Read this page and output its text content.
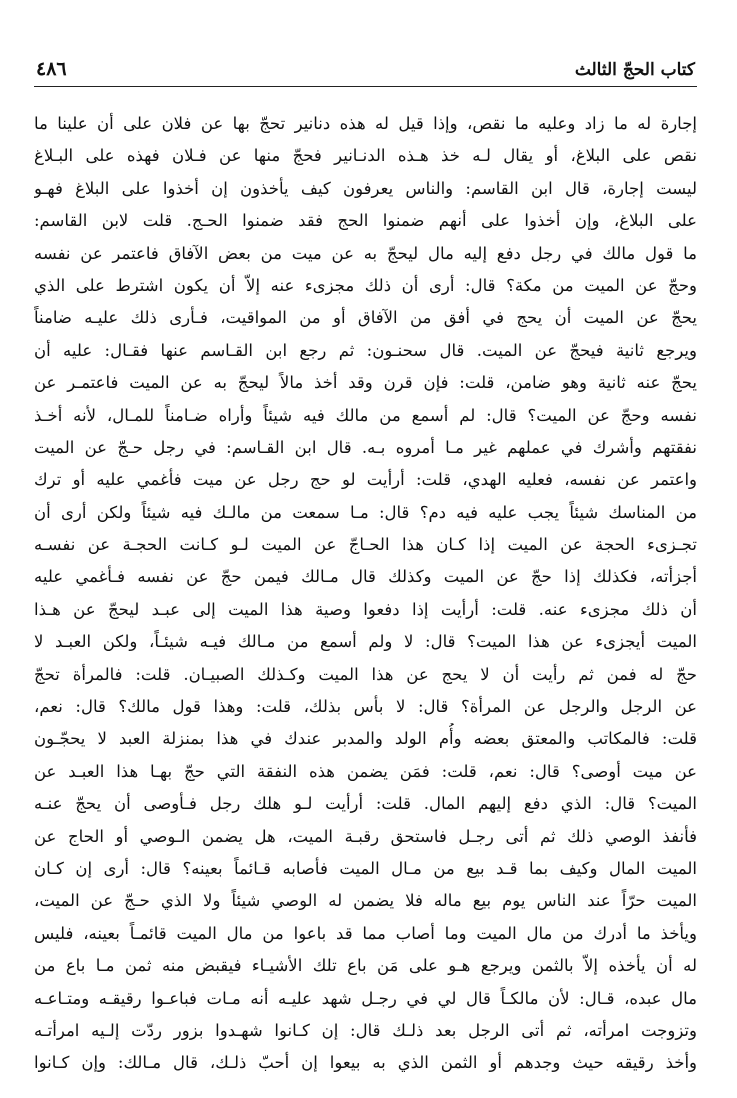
كتاب الحجّ الثالث
٤٨٦
إجارة له ما زاد وعليه ما نقص، وإذا قيل له هذه دنانير تحجّ بها عن فلان على أن علينا ما
نقص على البلاغ، أو يقال لـه خذ هـذه الدنـانير فحجّ منها عن فـلان فهذه على البـلاغ
ليست إجارة، قال ابن القاسم: والناس يعرفون كيف يأخذون إن أخذوا على البلاغ فهـو
على البلاغ، وإن أخذوا على أنهم ضمنوا الحج فقد ضمنوا الحـج. قلت لابن القاسم:
ما قول مالك في رجل دفع إليه مال ليحجّ به عن ميت من بعض الآفاق فاعتمر عن نفسه
وحجّ عن الميت من مكة؟ قال: أرى أن ذلك مجزىء عنه إلاّ أن يكون اشترط على الذي
يحجّ عن الميت أن يحج في أفق من الآفاق أو من المواقيت، فـأرى ذلك عليـه ضامناً
ويرجع ثانية فيحجّ عن الميت. قال سحنـون: ثم رجع ابن القـاسم عنها فقـال: عليه أن
يحجّ عنه ثانية وهو ضامن، قلت: فإن قرن وقد أخذ مالاً ليحجّ به عن الميت فاعتمـر عن
نفسه وحجّ عن الميت؟ قال: لم أسمع من مالك فيه شيئاً وأراه ضـامناً للمـال، لأنه أخـذ
نفقتهم وأشرك في عملهم غير مـا أمروه بـه. قال ابن القـاسم: في رجل حـجّ عن الميت
واعتمر عن نفسه، فعليه الهدي، قلت: أرأيت لو حج رجل عن ميت فأغمي عليه أو ترك
من المناسك شيئاً يجب عليه فيه دم؟ قال: مـا سمعت من مالـك فيه شيئاً ولكن أرى أن
تجـزىء الحجة عن الميت إذا كـان هذا الحـاجّ عن الميت لـو كـانت الحجـة عن نفسـه
أجزأته، فكذلك إذا حجّ عن الميت وكذلك قال مـالك فيمن حجّ عن نفسه فـأغمي عليه
أن ذلك مجزىء عنه. قلت: أرأيت إذا دفعوا وصية هذا الميت إلى عبـد ليحجّ عن هـذا
الميت أيجزىء عن هذا الميت؟ قال: لا ولم أسمع من مـالك فيـه شيئـاً، ولكن العبـد لا
حجّ له فمن ثم رأيت أن لا يحج عن هذا الميت وكـذلك الصبيـان. قلت: فالمرأة تحجّ
عن الرجل والرجل عن المرأة؟ قال: لا بأس بذلك، قلت: وهذا قول مالك؟ قال: نعم،
قلت: فالمكاتب والمعتق بعضه وأُم الولد والمدبر عندك في هذا بمنزلة العبد لا يحجّـون
عن ميت أوصى؟ قال: نعم، قلت: فمَن يضمن هذه النفقة التي حجّ بهـا هذا العبـد عن
الميت؟ قال: الذي دفع إليهم المال. قلت: أرأيت لـو هلك رجل فـأوصى أن يحجّ عنـه
فأنفذ الوصي ذلك ثم أتى رجـل فاستحق رقبـة الميت، هل يضمن الـوصي أو الحاج عن
الميت المال وكيف بما قـد بيع من مـال الميت فأصابه قـائماً بعينه؟ قال: أرى إن كـان
الميت حرّاً عند الناس يوم بيع ماله فلا يضمن له الوصي شيئاً ولا الذي حـجّ عن الميت،
ويأخذ ما أدرك من مال الميت وما أصاب مما قد باعوا من مال الميت قائمـاً بعينه، فليس
له أن يأخذه إلاّ بالثمن ويرجع هـو على مَن باع تلك الأشيـاء فيقبض منه ثمن مـا باع من
مال عبده، قـال: لأن مالكـاً قال لي في رجـل شهد عليـه أنه مـات فباعـوا رقيقـه ومتـاعـه
وتزوجت امرأته، ثم أتى الرجل بعد ذلـك قال: إن كـانوا شهـدوا بزور ردّت إلـيه امرأتـه
وأخذ رقيقه حيث وجدهم أو الثمن الذي به بيعوا إن أحبّ ذلـك، قال مـالك: وإن كـانوا
